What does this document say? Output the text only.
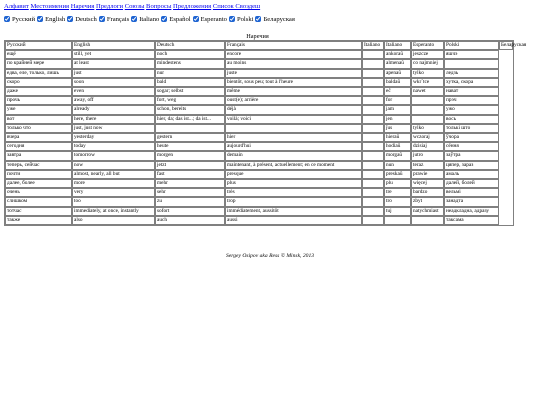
Алфавит Местоимения Наречия Предлоги Союзы Вопросы Предложения Список Своэдеш
Русский English Deutsch Français Italiano Español Esperanto Polski Беларуская
Наречия
Русский	English	Deutsch	Français	Italiano	Italiano	Esperanto	Polski	Беларуская
ещё	still, yet	noch	encore		ankoraŭ	jeszcze	яшчэ	
по крайней мере	at least	mindestens	au moins		almenaŭ	co najmniej		
едва, еле, только, лишь	just	nur	juste		apenaŭ	tylko	ледзь	
скоро	soon	bald	bientôt, sous peu; tout à l'heure		baldaŭ	wkr´tce	хутка, скора	
даже	even	sogar; selbst	même		eĉ	nawet	нават	
прочь	away, off	fort, weg	oust(e); arrière		for		прэч	
уже	already	schon, bereits	déjà		jam		ужо	
вот	here, there	hier, da; das ist...; da ist...	voilà; voici		jen		вось	
только что	just, just now				ĵus	tylko	толькі што	
вчера	yesterday	gestern	hier		hieraŭ	wczoraj	ўчора	
сегодня	today	heute	aujourd'hui		hodiaŭ	dzisiaj	сёння	
завтра	tomorrow	morgen	demain		morgaŭ	jutro	заўтра	
теперь, сейчас	now	jetzt	maintenant, à présent, actuellement; en ce moment		nun	teraz	цяпер, зараз	
почти	almost, nearly, all but	fast	presque		preskaŭ	prawie	амаль	
далее, более	more	mehr	plus		plu	więcej	далей, болей	
очень	very	sehr	très		tre	bardzo	вельмі	
слишком	too	zu	trop		tro	zbyt	занадта	
тотчас	immediately, at once, instantly	sofort	immédiatement, aussitôt		tuj	natychmiast	неадкладна, адразу	
также	also	auch	aussi				таксама	
Sergey Osipov aka Ress © Minsk, 2013
